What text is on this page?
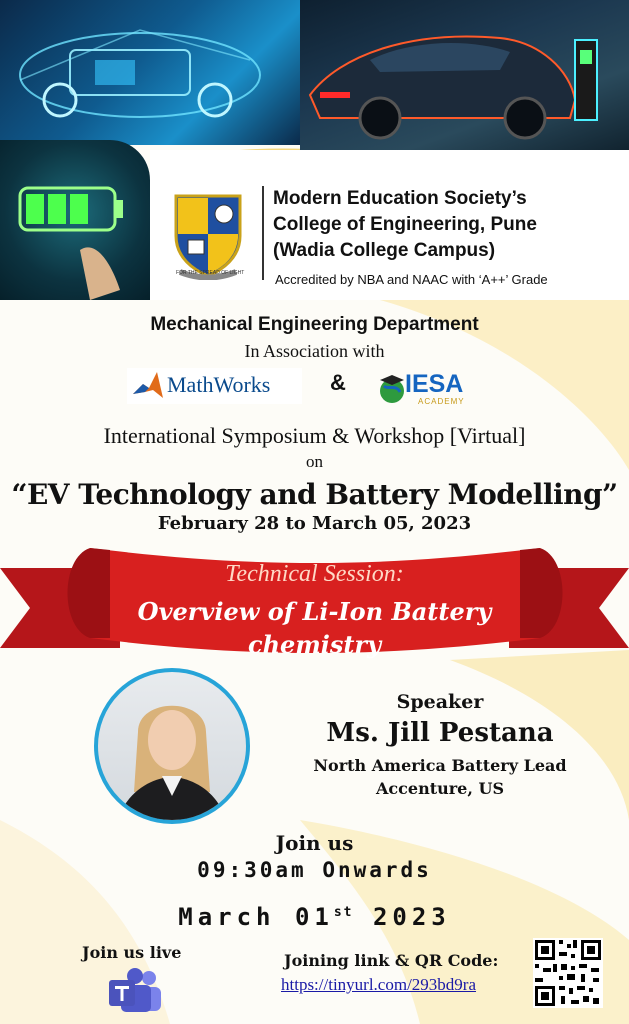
FOR THE SPREAD OF LIGHT
Modern Education Society’s
College of Engineering, Pune
(Wadia College Campus)
Accredited by NBA and NAAC with ‘A++’ Grade
Mechanical Engineering Department
In Association with
MathWorks	& IESA
ACADEMY
International Symposium & Workshop [Virtual]
on
“EV Technology and Battery Modelling”
February 28 to March 05, 2023
Technical Session:
Overview of Li-Ion Battery
chemistry
Speaker
Ms. Jill Pestana
North America Battery Lead
Accenture, US
Join us
09:30am Onwards
March 01st 2023
Join us live	Joining link & QR Code:
https://tinyurl.com/293bd9ra
